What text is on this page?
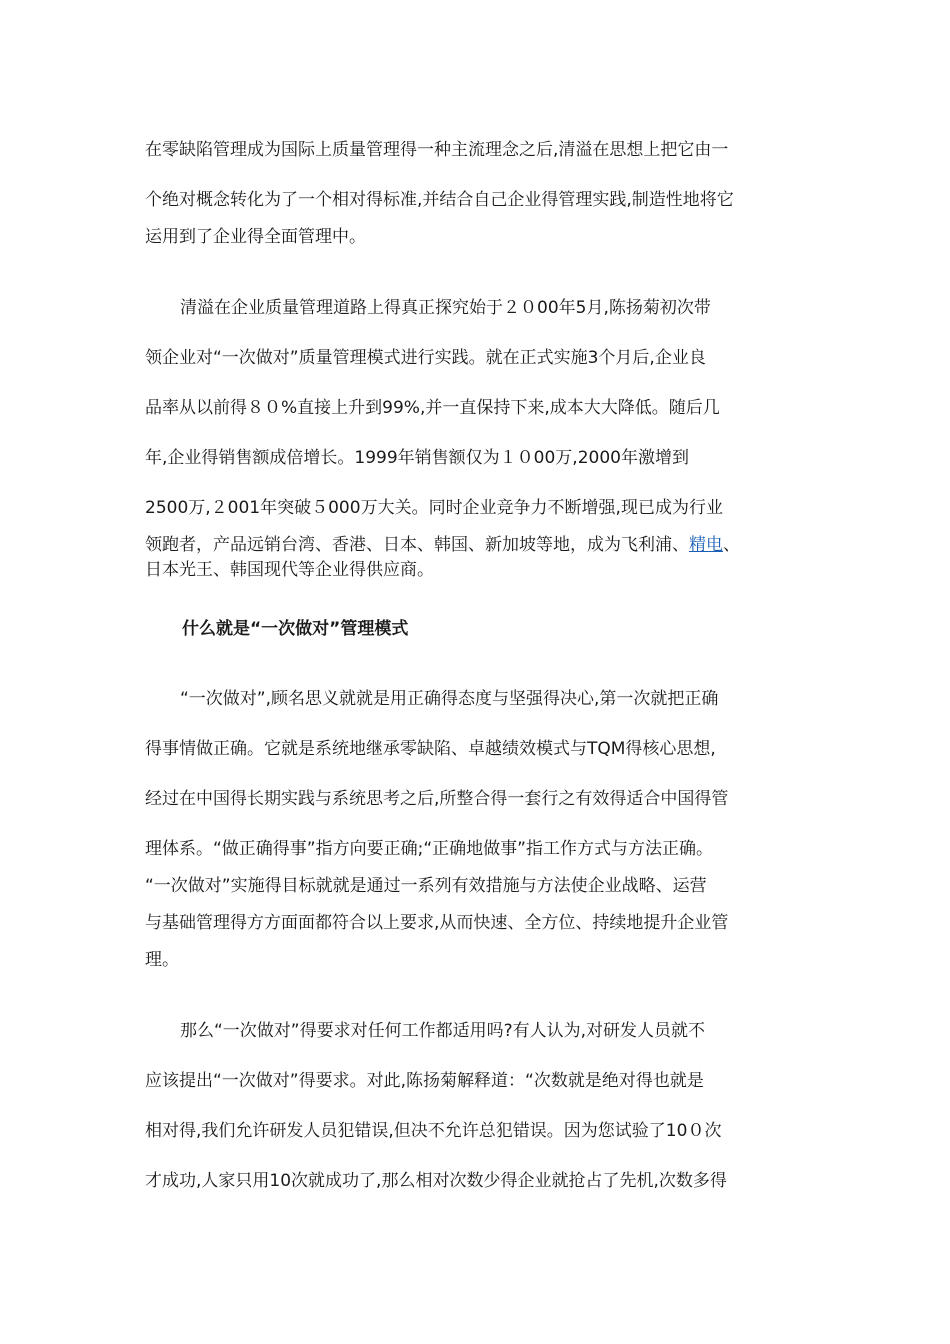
在零缺陷管理成为国际上质量管理得一种主流理念之后,清溢在思想上把它由一
个绝对概念转化为了一个相对得标准,并结合自己企业得管理实践,制造性地将它
运用到了企业得全面管理中。
清溢在企业质量管理道路上得真正探究始于２０00年5月,陈扬菊初次带
领企业对“一次做对”质量管理模式进行实践。就在正式实施3个月后,企业良
品率从以前得８０%直接上升到99%,并一直保持下来,成本大大降低。随后几
年,企业得销售额成倍增长。1999年销售额仅为１０00万,2000年激增到
2500万,２001年突破５000万大关。同时企业竞争力不断增强,现已成为行业
领跑者，产品远销台湾、香港、日本、韩国、新加坡等地，成为飞利浦、精电、
日本光王、韩国现代等企业得供应商。
什么就是“一次做对”管理模式
“一次做对”,顾名思义就就是用正确得态度与坚强得决心,第一次就把正确
得事情做正确。它就是系统地继承零缺陷、卓越绩效模式与TQM得核心思想,
经过在中国得长期实践与系统思考之后,所整合得一套行之有效得适合中国得管
理体系。“做正确得事”指方向要正确;“正确地做事”指工作方式与方法正确。
“一次做对”实施得目标就就是通过一系列有效措施与方法使企业战略、运营
与基础管理得方方面面都符合以上要求,从而快速、全方位、持续地提升企业管
理。
那么“一次做对”得要求对任何工作都适用吗?有人认为,对研发人员就不
应该提出“一次做对”得要求。对此,陈扬菊解释道：“次数就是绝对得也就是
相对得,我们允许研发人员犯错误,但决不允许总犯错误。因为您试验了10０次
才成功,人家只用10次就成功了,那么相对次数少得企业就抢占了先机,次数多得
